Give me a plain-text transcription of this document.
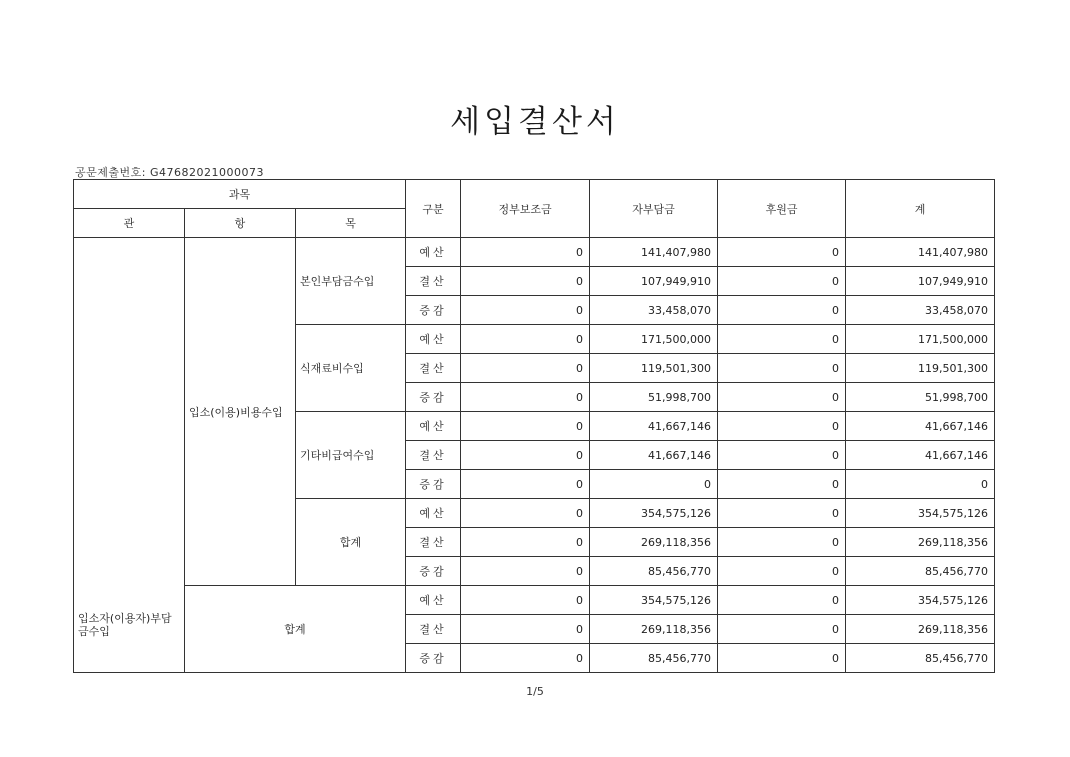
세입결산서
공문제출번호: G47682021000073
과목			구분	정부보조금	자부담금	후원금	계
관	항	목					
입소자(이용자)부담금수입	입소(이용)비용수입	본인부담금수입	예산	0	141,407,980	0	141,407,980
			결산	0	107,949,910	0	107,949,910
			증감	0	33,458,070	0	33,458,070
		식재료비수입	예산	0	171,500,000	0	171,500,000
			결산	0	119,501,300	0	119,501,300
			증감	0	51,998,700	0	51,998,700
		기타비급여수입	예산	0	41,667,146	0	41,667,146
			결산	0	41,667,146	0	41,667,146
			증감	0	0	0	0
		합계	예산	0	354,575,126	0	354,575,126
			결산	0	269,118,356	0	269,118,356
			증감	0	85,456,770	0	85,456,770
	합계		예산	0	354,575,126	0	354,575,126
			결산	0	269,118,356	0	269,118,356
			증감	0	85,456,770	0	85,456,770
1/5
